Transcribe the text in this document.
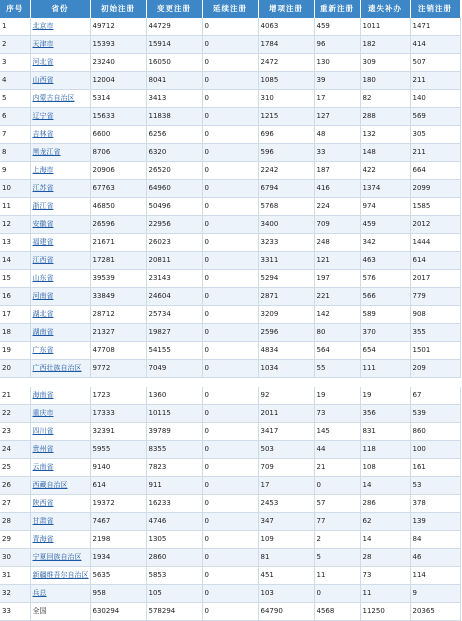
序号	省份	初始注册	变更注册	延续注册	增项注册	重新注册	遗失补办	注销注册
1	北京市	49712	44729	0	4063	459	1011	1471
2	天津市	15393	15914	0	1784	96	182	414
3	河北省	23240	16050	0	2472	130	309	507
4	山西省	12004	8041	0	1085	39	180	211
5	内蒙古自治区	5314	3413	0	310	17	82	140
6	辽宁省	15633	11838	0	1215	127	288	569
7	吉林省	6600	6256	0	696	48	132	305
8	黑龙江省	8706	6320	0	596	33	148	211
9	上海市	20906	26520	0	2242	187	422	664
10	江苏省	67763	64960	0	6794	416	1374	2099
11	浙江省	46850	50496	0	5768	224	974	1585
12	安徽省	26596	22956	0	3400	709	459	2012
13	福建省	21671	26023	0	3233	248	342	1444
14	江西省	17281	20811	0	3311	121	463	614
15	山东省	39539	23143	0	5294	197	576	2017
16	河南省	33849	24604	0	2871	221	566	779
17	湖北省	28712	25734	0	3209	142	589	908
18	湖南省	21327	19827	0	2596	80	370	355
19	广东省	47708	54155	0	4834	564	654	1501
20	广西壮族自治区	9772	7049	0	1034	55	111	209

21	海南省	1723	1360	0	92	19	19	67
22	重庆市	17333	10115	0	2011	73	356	539
23	四川省	32391	39789	0	3417	145	831	860
24	贵州省	5955	8355	0	503	44	118	100
25	云南省	9140	7823	0	709	21	108	161
26	西藏自治区	614	911	0	17	0	14	53
27	陕西省	19372	16233	0	2453	57	286	378
28	甘肃省	7467	4746	0	347	77	62	139
29	青海省	2198	1305	0	109	2	14	84
30	宁夏回族自治区	1934	2860	0	81	5	28	46
31	新疆维吾尔自治区	5635	5853	0	451	11	73	114
32	兵总	958	105	0	103	0	11	9
33	全国	630294	578294	0	64790	4568	11250	20365
